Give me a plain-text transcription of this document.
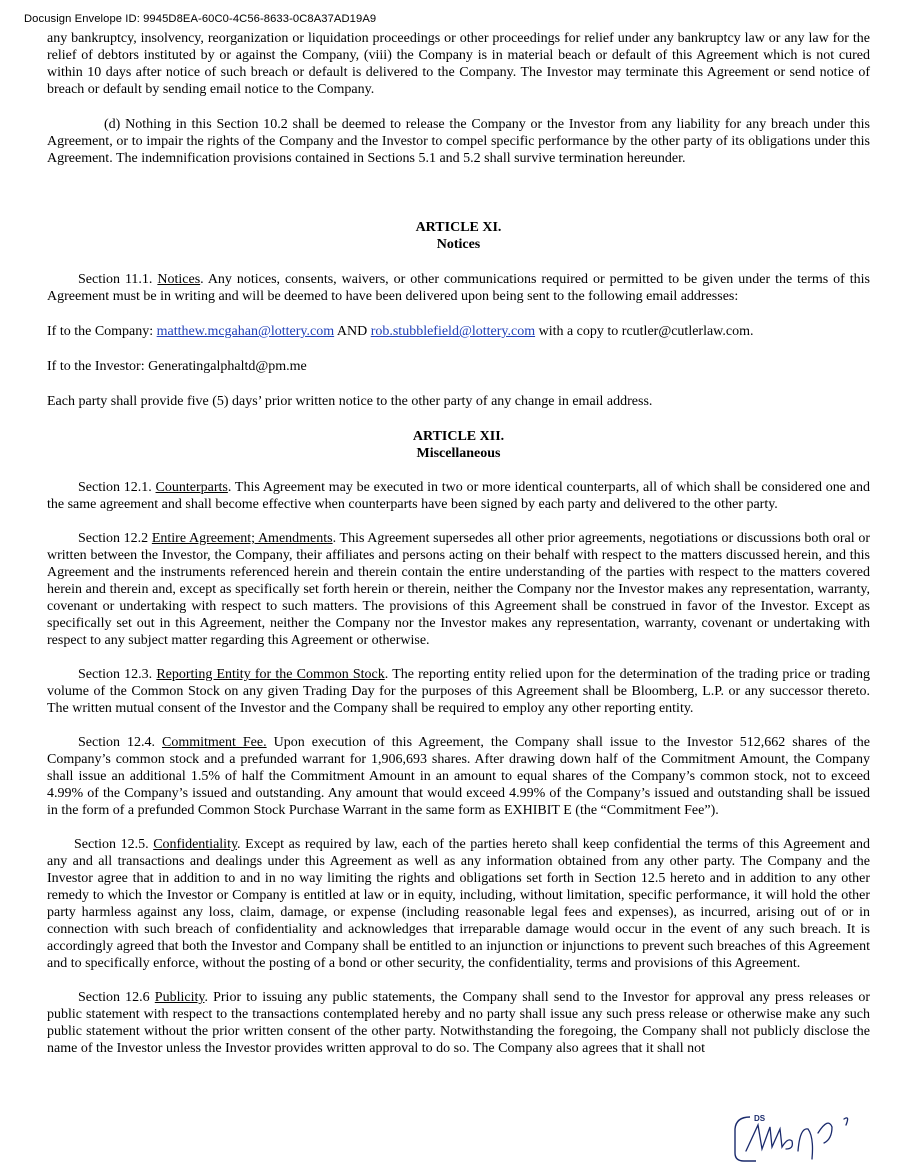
Docusign Envelope ID: 9945D8EA-60C0-4C56-8633-0C8A37AD19A9

any bankruptcy, insolvency, reorganization or liquidation proceedings or other proceedings for relief under any bankruptcy law or any law for the relief of debtors instituted by or against the Company, (viii) the Company is in material beach or default of this Agreement which is not cured within 10 days after notice of such breach or default is delivered to the Company. The Investor may terminate this Agreement or send notice of breach or default by sending email notice to the Company.

(d) Nothing in this Section 10.2 shall be deemed to release the Company or the Investor from any liability for any breach under this Agreement, or to impair the rights of the Company and the Investor to compel specific performance by the other party of its obligations under this Agreement. The indemnification provisions contained in Sections 5.1 and 5.2 shall survive termination hereunder.

ARTICLE XI.
Notices

Section 11.1. Notices. Any notices, consents, waivers, or other communications required or permitted to be given under the terms of this Agreement must be in writing and will be deemed to have been delivered upon being sent to the following email addresses:

If to the Company: matthew.mcgahan@lottery.com AND rob.stubblefield@lottery.com with a copy to rcutler@cutlerlaw.com.

If to the Investor: Generatingalphaltd@pm.me

Each party shall provide five (5) days’ prior written notice to the other party of any change in email address.

ARTICLE XII.
Miscellaneous

Section 12.1. Counterparts. This Agreement may be executed in two or more identical counterparts, all of which shall be considered one and the same agreement and shall become effective when counterparts have been signed by each party and delivered to the other party.

Section 12.2 Entire Agreement; Amendments. This Agreement supersedes all other prior agreements, negotiations or discussions both oral or written between the Investor, the Company, their affiliates and persons acting on their behalf with respect to the matters discussed herein, and this Agreement and the instruments referenced herein and therein contain the entire understanding of the parties with respect to the matters covered herein and therein and, except as specifically set forth herein or therein, neither the Company nor the Investor makes any representation, warranty, covenant or undertaking with respect to such matters. The provisions of this Agreement shall be construed in favor of the Investor. Except as specifically set out in this Agreement, neither the Company nor the Investor makes any representation, warranty, covenant or undertaking with respect to any subject matter regarding this Agreement or otherwise.

Section 12.3. Reporting Entity for the Common Stock. The reporting entity relied upon for the determination of the trading price or trading volume of the Common Stock on any given Trading Day for the purposes of this Agreement shall be Bloomberg, L.P. or any successor thereto. The written mutual consent of the Investor and the Company shall be required to employ any other reporting entity.

Section 12.4. Commitment Fee. Upon execution of this Agreement, the Company shall issue to the Investor 512,662 shares of the Company’s common stock and a prefunded warrant for 1,906,693 shares. After drawing down half of the Commitment Amount, the Company shall issue an additional 1.5% of half the Commitment Amount in an amount to equal shares of the Company’s common stock, not to exceed 4.99% of the Company’s issued and outstanding. Any amount that would exceed 4.99% of the Company’s issued and outstanding shall be issued in the form of a prefunded Common Stock Purchase Warrant in the same form as EXHIBIT E (the “Commitment Fee”).

Section 12.5. Confidentiality. Except as required by law, each of the parties hereto shall keep confidential the terms of this Agreement and any and all transactions and dealings under this Agreement as well as any information obtained from any other party. The Company and the Investor agree that in addition to and in no way limiting the rights and obligations set forth in Section 12.5 hereto and in addition to any other remedy to which the Investor or Company is entitled at law or in equity, including, without limitation, specific performance, it will hold the other party harmless against any loss, claim, damage, or expense (including reasonable legal fees and expenses), as incurred, arising out of or in connection with such breach of confidentiality and acknowledges that irreparable damage would occur in the event of any such breach. It is accordingly agreed that both the Investor and Company shall be entitled to an injunction or injunctions to prevent such breaches of this Agreement and to specifically enforce, without the posting of a bond or other security, the confidentiality, terms and provisions of this Agreement.

Section 12.6 Publicity. Prior to issuing any public statements, the Company shall send to the Investor for approval any press releases or public statement with respect to the transactions contemplated hereby and no party shall issue any such press release or otherwise make any such public statement without the prior written consent of the other party. Notwithstanding the foregoing, the Company shall not publicly disclose the name of the Investor unless the Investor provides written approval to do so. The Company also agrees that it shall not

DS
